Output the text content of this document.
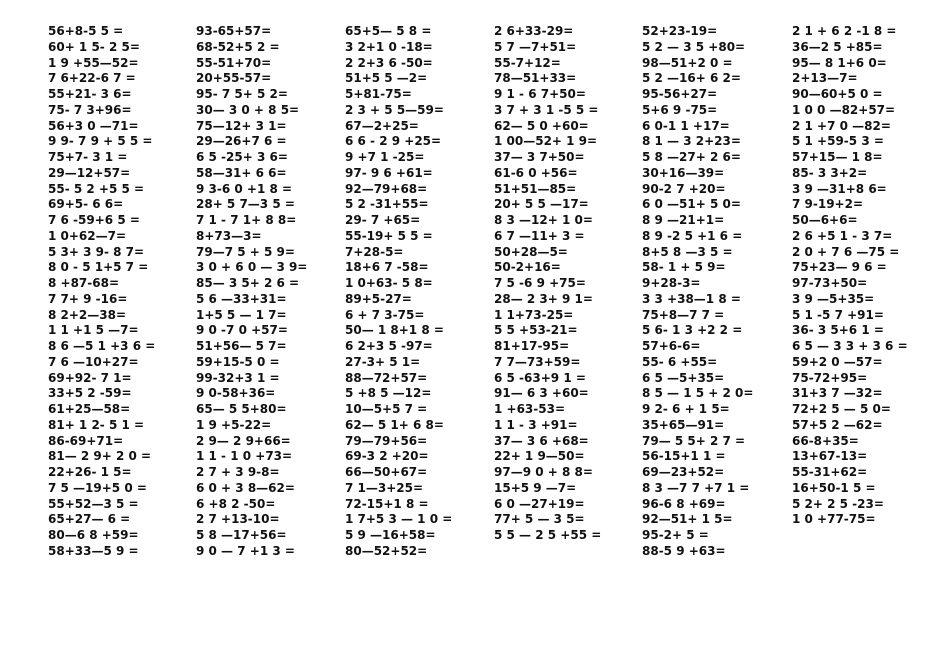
56+8-5 5 =
60+ 1 5- 2 5=
1 9 +55—52=
7 6+22-6 7 =
55+21- 3 6=
75- 7 3+96=
56+3 0 —71=
9 9- 7 9 + 5 5 =
75+7- 3 1 =
29—12+57=
55- 5 2 +5 5 =
69+5- 6 6=
7 6 -59+6 5 =
1 0+62—7=
5 3+ 3 9- 8 7=
8 0 - 5 1+5 7 =
8 +87-68=
7 7+ 9 -16=
8 2+2—38=
1 1 +1 5 —7=
8 6 —5 1 +3 6 =
7 6 —10+27=
69+92- 7 1=
33+5 2 -59=
61+25—58=
81+ 1 2- 5 1 =
86-69+71=
81— 2 9+ 2 0 =
22+26- 1 5=
7 5 —19+5 0 =
55+52—3 5 =
65+27— 6 =
80—6 8 +59=
58+33—5 9 =
93-65+57=
68-52+5 2 =
55-51+70=
20+55-57=
95- 7 5+ 5 2=
30— 3 0 + 8 5=
75—12+ 3 1=
29—26+7 6 =
6 5 -25+ 3 6=
58—31+ 6 6=
9 3-6 0 +1 8 =
28+ 5 7—3 5 =
7 1 - 7 1+ 8 8=
8+73—3=
79—7 5 + 5 9=
3 0 + 6 0 — 3 9=
85— 3 5+ 2 6 =
5 6 —33+31=
1+5 5 — 1 7=
9 0 -7 0 +57=
51+56— 5 7=
59+15-5 0 =
99-32+3 1 =
9 0-58+36=
65— 5 5+80=
1 9 +5-22=
2 9— 2 9+66=
1 1 - 1 0 +73=
2 7 + 3 9-8=
6 0 + 3 8—62=
6 +8 2 -50=
2 7 +13-10=
5 8 —17+56=
9 0 — 7 +1 3 =
65+5— 5 8 =
3 2+1 0 -18=
2 2+3 6 -50=
51+5 5 —2=
5+81-75=
2 3 + 5 5—59=
67—2+25=
6 6 - 2 9 +25=
9 +7 1 -25=
97- 9 6 +61=
92—79+68=
5 2 -31+55=
29- 7 +65=
55-19+ 5 5 =
7+28-5=
18+6 7 -58=
1 0+63- 5 8=
89+5-27=
6 + 7 3-75=
50— 1 8+1 8 =
6 2+3 5 -97=
27-3+ 5 1=
88—72+57=
5 +8 5 —12=
10—5+5 7 =
62— 5 1+ 6 8=
79—79+56=
69-3 2 +20=
66—50+67=
7 1—3+25=
72-15+1 8 =
1 7+5 3 — 1 0 =
5 9 —16+58=
80—52+52=
2 6+33-29=
5 7 —7+51=
55-7+12=
78—51+33=
9 1 - 6 7+50=
3 7 + 3 1 -5 5 =
62— 5 0 +60=
1 00—52+ 1 9=
37— 3 7+50=
61-6 0 +56=
51+51—85=
20+ 5 5 —17=
8 3 —12+ 1 0=
6 7 —11+ 3 =
50+28—5=
50-2+16=
7 5 -6 9 +75=
28— 2 3+ 9 1=
1 1+73-25=
5 5 +53-21=
81+17-95=
7 7—73+59=
6 5 -63+9 1 =
91— 6 3 +60=
1 +63-53=
1 1 - 3 +91=
37— 3 6 +68=
22+ 1 9—50=
97—9 0 + 8 8=
15+5 9 —7=
6 0 —27+19=
77+ 5 — 3 5=
5 5 — 2 5 +55 =
52+23-19=
5 2 — 3 5 +80=
98—51+2 0 =
5 2 —16+ 6 2=
95-56+27=
5+6 9 -75=
6 0-1 1 +17=
8 1 — 3 2+23=
5 8 —27+ 2 6=
30+16—39=
90-2 7 +20=
6 0 —51+ 5 0=
8 9 —21+1=
8 9 -2 5 +1 6 =
8+5 8 —3 5 =
58- 1 + 5 9=
9+28-3=
3 3 +38—1 8 =
75+8—7 7 =
5 6- 1 3 +2 2 =
57+6-6=
55- 6 +55=
6 5 —5+35=
8 5 — 1 5 + 2 0=
9 2- 6 + 1 5=
35+65—91=
79— 5 5+ 2 7 =
56-15+1 1 =
69—23+52=
8 3 —7 7 +7 1 =
96-6 8 +69=
92—51+ 1 5=
95-2+ 5 =
88-5 9 +63=
2 1 + 6 2 -1 8 =
36—2 5 +85=
95— 8 1+6 0=
2+13—7=
90—60+5 0 =
1 0 0 —82+57=
2 1 +7 0 —82=
5 1 +59-5 3 =
57+15— 1 8=
85- 3 3+2=
3 9 —31+8 6=
7 9-19+2=
50—6+6=
2 6 +5 1 - 3 7=
2 0 + 7 6 —75 =
75+23— 9 6 =
97-73+50=
3 9 —5+35=
5 1 -5 7 +91=
36- 3 5+6 1 =
6 5 — 3 3 + 3 6 =
59+2 0 —57=
75-72+95=
31+3 7 —32=
72+2 5 — 5 0=
57+5 2 —62=
66-8+35=
13+67-13=
55-31+62=
16+50-1 5 =
5 2+ 2 5 -23=
1 0 +77-75=
